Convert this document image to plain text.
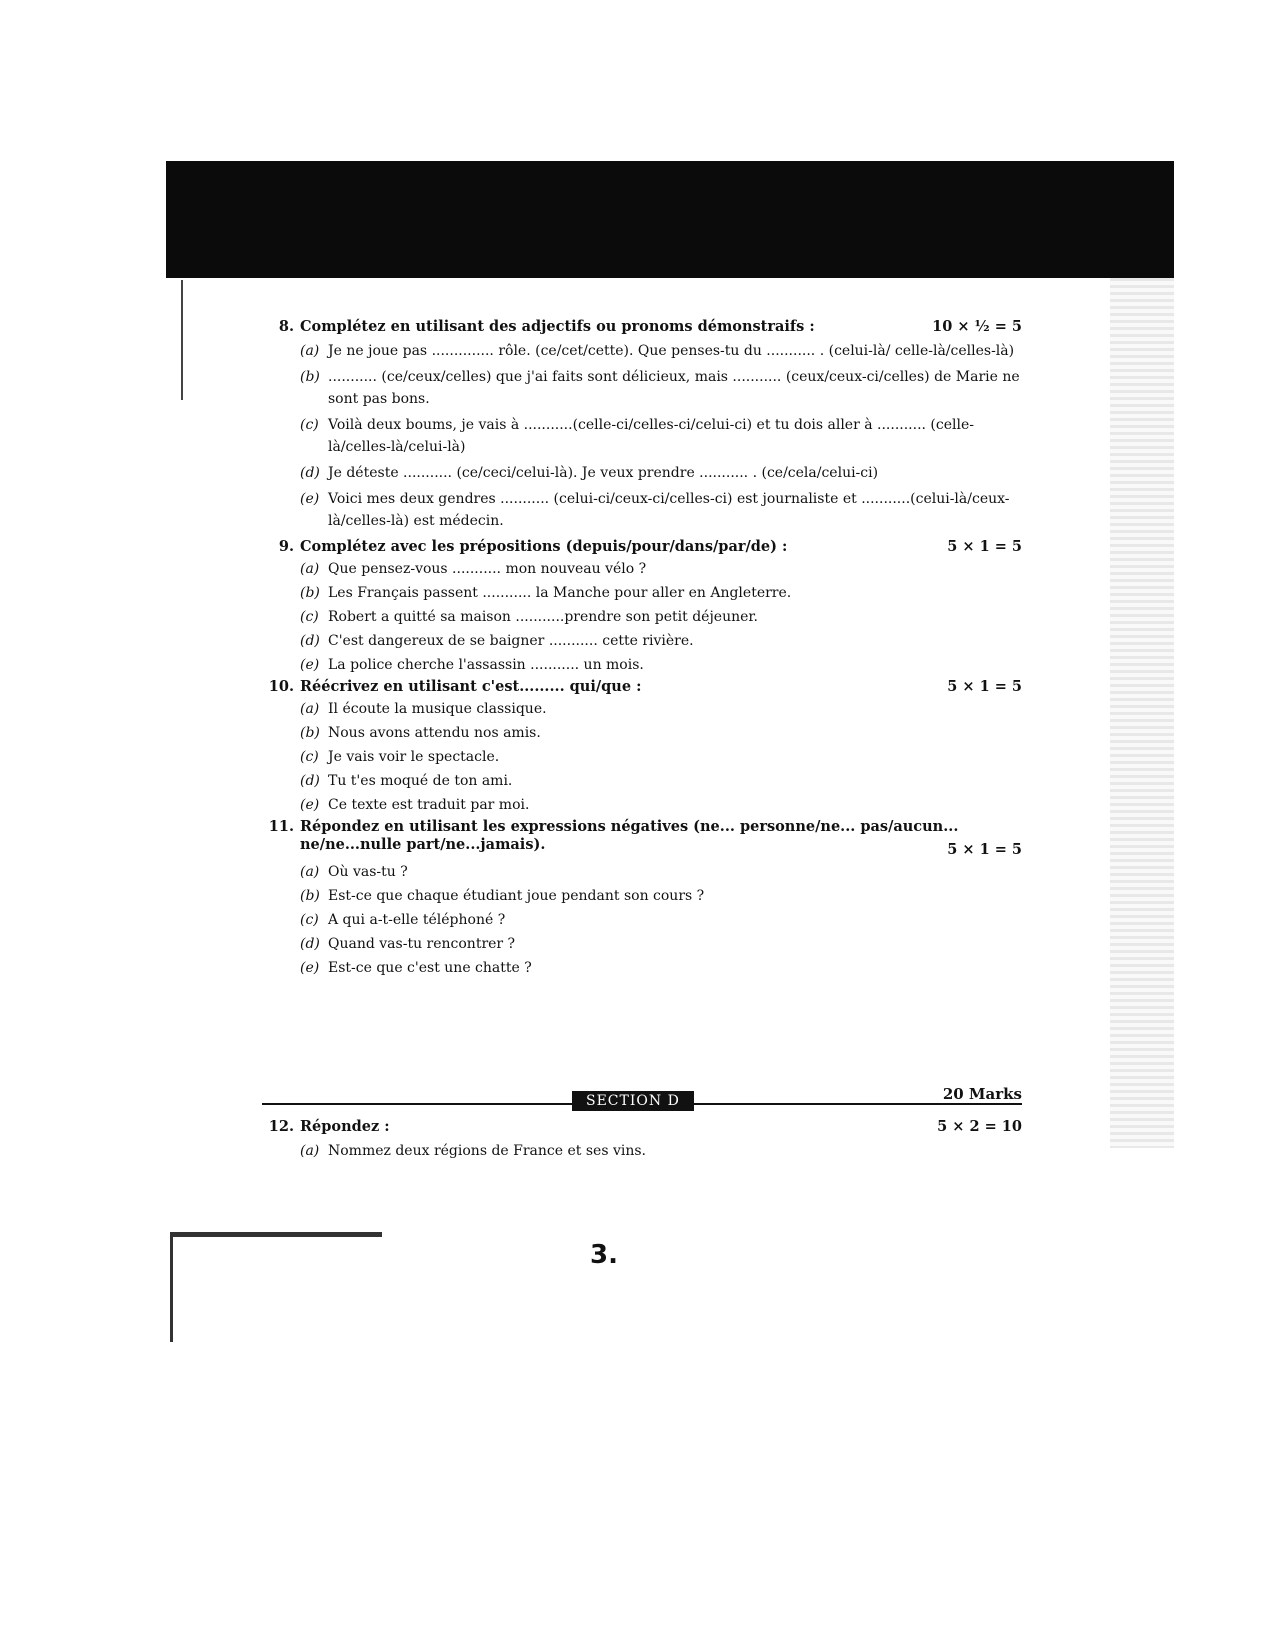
8. Complétez en utilisant des adjectifs ou pronoms démonstraifs :	10 × ½ = 5
(a) Je ne joue pas .............. rôle. (ce/cet/cette). Que penses-tu du ........... . (celui-là/ celle-là/celles-là)
(b) ........... (ce/ceux/celles) que j'ai faits sont délicieux, mais ........... (ceux/ceux-ci/celles) de Marie ne sont pas bons.
(c) Voilà deux boums, je vais à ...........(celle-ci/celles-ci/celui-ci) et tu dois aller à ........... (celle-là/celles-là/celui-là)
(d) Je déteste ........... (ce/ceci/celui-là). Je veux prendre ........... . (ce/cela/celui-ci)
(e) Voici mes deux gendres ........... (celui-ci/ceux-ci/celles-ci) est journaliste et ...........(celui-là/ceux-là/celles-là) est médecin.
9. Complétez avec les prépositions (depuis/pour/dans/par/de) :	5 × 1 = 5
(a) Que pensez-vous ........... mon nouveau vélo ?
(b) Les Français passent ........... la Manche pour aller en Angleterre.
(c) Robert a quitté sa maison ...........prendre son petit déjeuner.
(d) C'est dangereux de se baigner ........... cette rivière.
(e) La police cherche l'assassin ........... un mois.
10. Réécrivez en utilisant c'est......... qui/que :	5 × 1 = 5
(a) Il écoute la musique classique.
(b) Nous avons attendu nos amis.
(c) Je vais voir le spectacle.
(d) Tu t'es moqué de ton ami.
(e) Ce texte est traduit par moi.
11. Répondez en utilisant les expressions négatives (ne... personne/ne... pas/aucun...
ne/ne...nulle part/ne...jamais).	5 × 1 = 5
(a) Où vas-tu ?
(b) Est-ce que chaque étudiant joue pendant son cours ?
(c) A qui a-t-elle téléphoné ?
(d) Quand vas-tu rencontrer ?
(e) Est-ce que c'est une chatte ?
SECTION D	20 Marks
12. Répondez :	5 × 2 = 10
(a) Nommez deux régions de France et ses vins.
3.
